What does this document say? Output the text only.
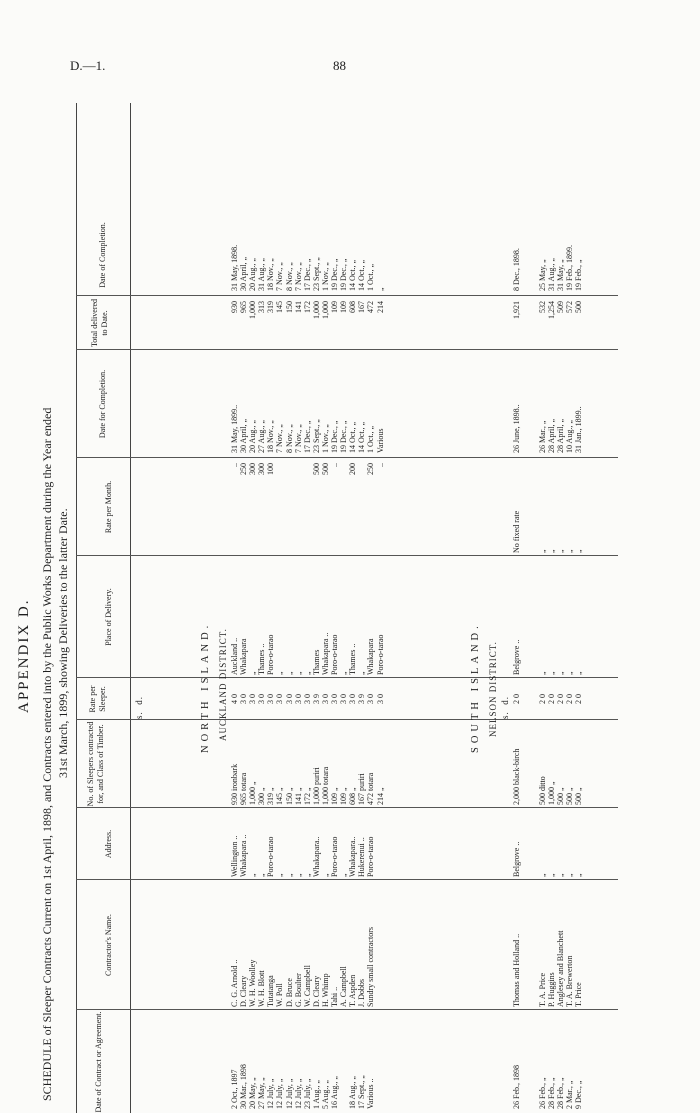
D.—1.	88
APPENDIX D. SCHEDULE of Sleeper Contracts Current on 1st April, 1898, and Contracts entered into by the Public Works Department during the Year ended 31st March, 1899, showing Deliveries to the latter Date.
Date of Contract or Agreement.
Contractor's Name.
Address.
No. of Sleepers contracted for, and Class of Timber.
Rate per Sleeper.
Place of Delivery.
Rate per Month.
Date for Completion.
Total delivered to Date.
Date of Completion.
NORTH ISLAND. AUCKLAND DISTRICT.
s.  d.
2 Oct., 1897 30 Mar., 1898 20 May, „ 27 May, „ 12 July, „ 12 July, „ 12 July, „ 12 July, „ 23 July, „ 1 Aug., „ 5 Aug., „ 16 Aug., „ 18 Aug., „ 17 Sept., „ Various ..
C. G. Arnold .. D. Cleary W. H. Woolley W. H. Blott Tutatanga W. Poll D. Bruce G. Boulter W. Campbell D. Cleary H. Whimp Tahi .. A. Campbell T. Aspden J. Dobbs Sundry small contractors
Wellington .. Whakapara .. „ „ Poro-o-tarao „ „ „ „ Whakapara.. „ Poro-o-tarao „ Whakapara.. Hukerenui .. Poro-o-tarao
930 ironbark 965 totara 1,000 „ 300 „ 319 „ 145 „ 150 „ 141 „ 172 „ 1,000 puriri 1,000 totara 109 „ 109 „ 608 „ 167 puriri 472 totara 214 „
4 0 3 0 3 0 3 0 3 0 3 0 3 0 3 0 3 0 3 9 3 0 3 0 3 0 3 0 3 9 3 0 3 0
Auckland .. Whakapara „ Thames .. Poro-o-tarao „ „ „ „ Thames Whakapara .. Poro-o-tarao „ Thames .. „ Whakapara Poro-o-tarao
.. 250 300 300 100	500 500 .. 200 250 ..
31 May, 1899.. 30 April, „ 20 Aug., „ 27 Aug., „ 18 Nov., „ 7 Nov., „ 8 Nov., „ 7 Nov., „ 17 Dec., „ 23 Sept., „ 1 Nov., „ 19 Dec., „ 19 Dec., „ 14 Oct., „ 14 Oct., „ 1 Oct., „ Various
930 965 1,000 313 319 145 150 141 172 1,000 1,000 109 109 608 167 472 214
31 May, 1898. 30 April, „ 20 Aug., „ 31 Aug., „ 18 Nov., „ 7 Nov., „ 8 Nov., „ 7 Nov., „ 17 Dec., „ 23 Sept., „ 1 Nov., „ 19 Dec., „ 19 Dec., „ 14 Oct., „ 14 Oct., „ 1 Oct., „ „
SOUTH ISLAND. NELSON DISTRICT. s.  d.
26 Feb., 1898
Thomas and Holland ..
Belgrove ..
2,000 black-birch
2 0
Belgrove ..
No fixed rate
26 June, 1898..
1,921
8 Dec., 1898.
26 Feb., „ 28 Feb., „ 28 Feb., „ 2 Mar., „ 9 Dec., „
T. A. Price P. Huggins Anglesey and Blanchett T. A. Brewerton T. Price
„ „ „ „ „
500 ditto 1,000 „ 500 „ 500 „ 500 „
2 0 2 0 2 0 2 0 2 0
„ „ „ „ „
„ „ „ „ „
26 Mar., „ 28 April, „ 28 April, „ 10 Aug., „ 31 Jan., 1899..
532 1,254 509 572 500
25 May, „ 31 Aug., „ 31 May, „ 19 Feb., 1899. 19 Feb., „
